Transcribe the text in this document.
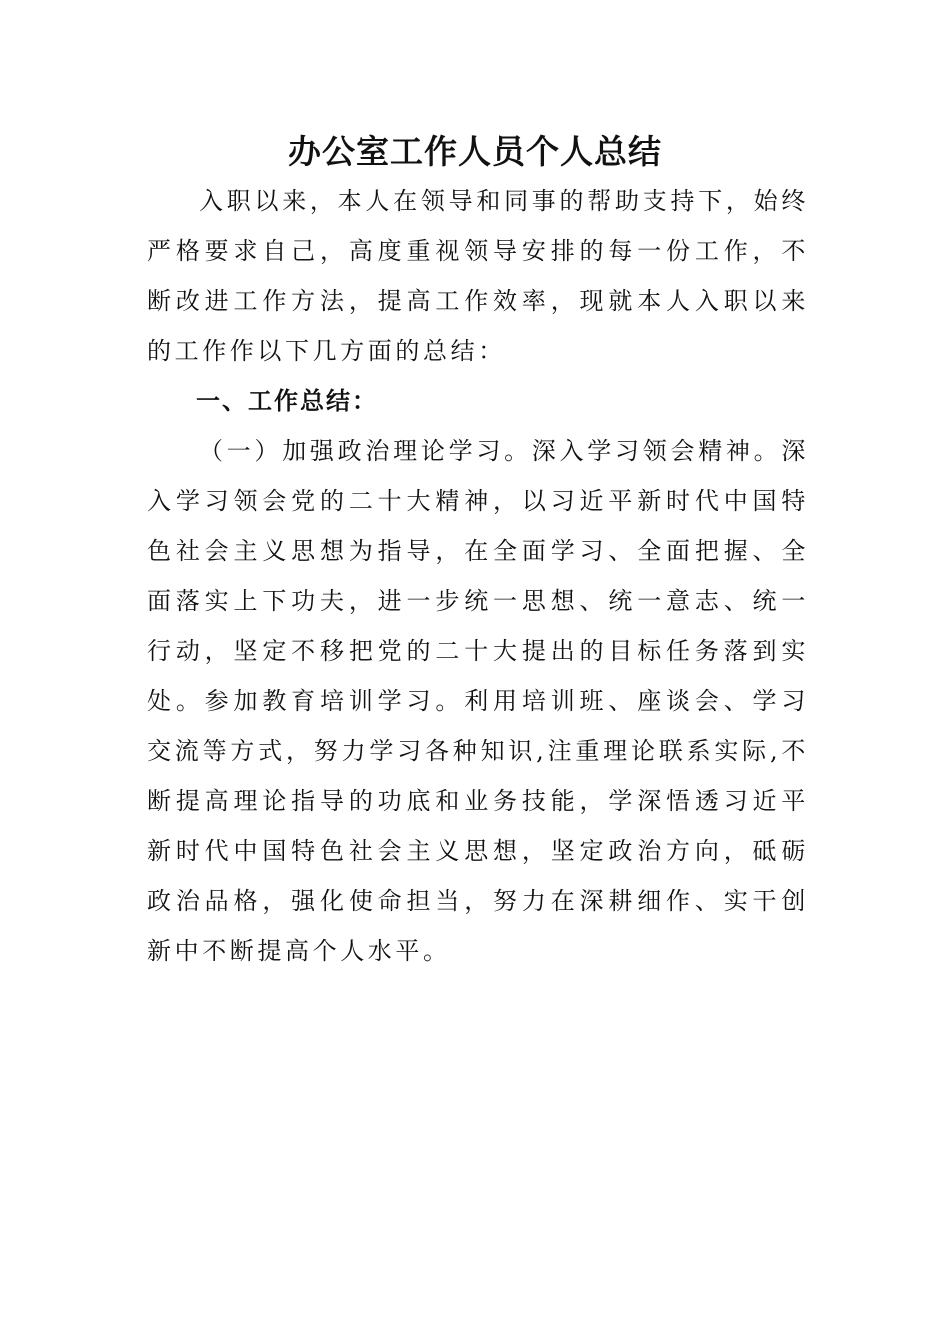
办公室工作人员个人总结

入职以来，本人在领导和同事的帮助支持下，始终严格要求自己，高度重视领导安排的每一份工作，不断改进工作方法，提高工作效率，现就本人入职以来的工作作以下几方面的总结：

一、工作总结：

（一）加强政治理论学习。深入学习领会精神。深入学习领会党的二十大精神，以习近平新时代中国特色社会主义思想为指导，在全面学习、全面把握、全面落实上下功夫，进一步统一思想、统一意志、统一行动，坚定不移把党的二十大提出的目标任务落到实处。参加教育培训学习。利用培训班、座谈会、学习交流等方式，努力学习各种知识,注重理论联系实际,不断提高理论指导的功底和业务技能，学深悟透习近平新时代中国特色社会主义思想，坚定政治方向，砥砺政治品格，强化使命担当，努力在深耕细作、实干创新中不断提高个人水平。
